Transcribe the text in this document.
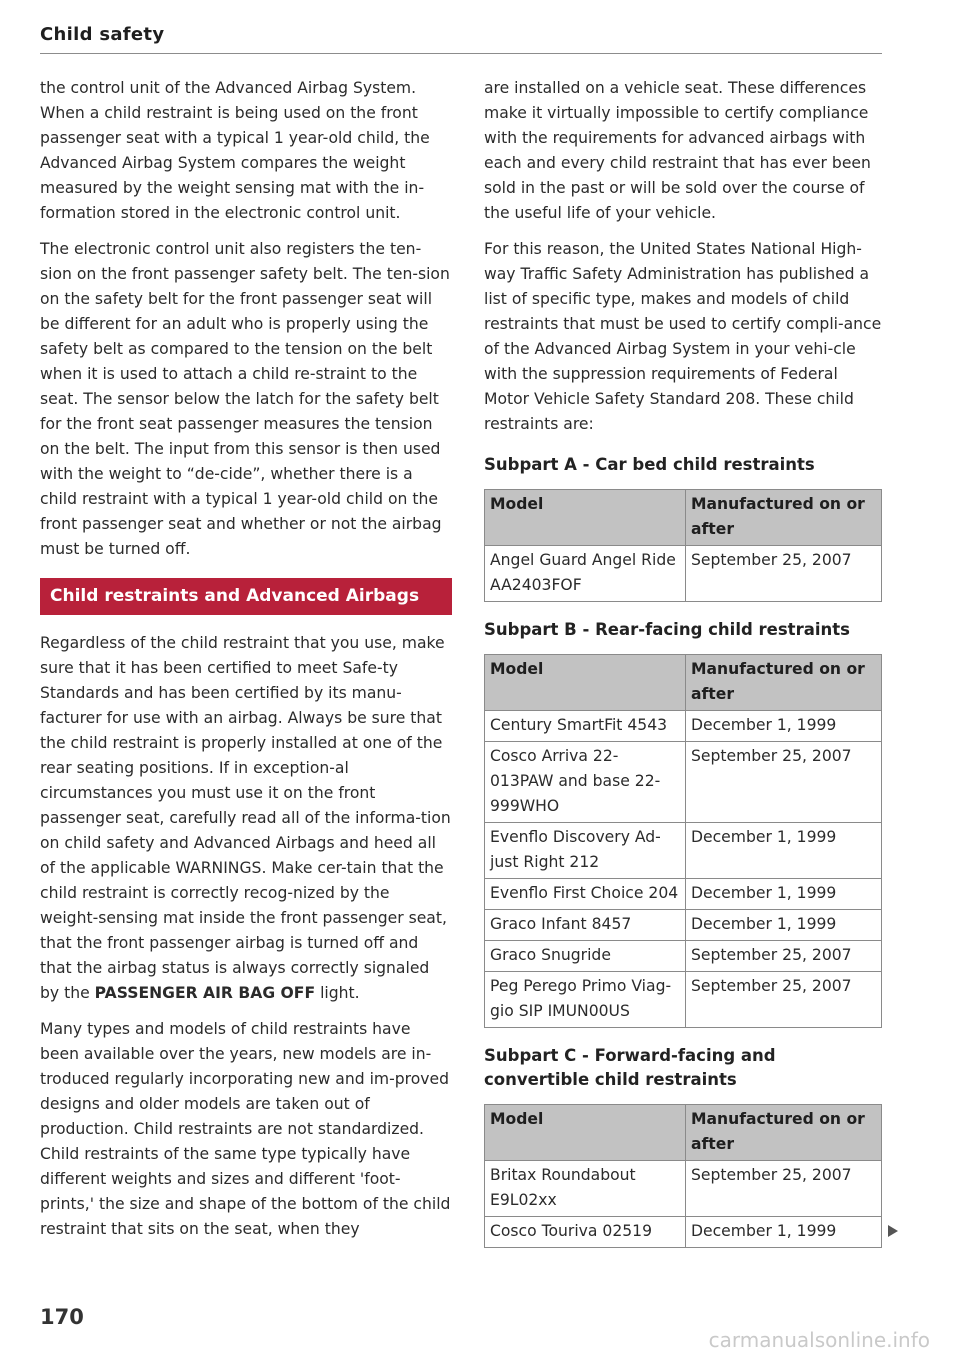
Child safety

the control unit of the Advanced Airbag System. When a child restraint is being used on the front passenger seat with a typical 1 year-old child, the Advanced Airbag System compares the weight measured by the weight sensing mat with the in-formation stored in the electronic control unit.

The electronic control unit also registers the ten-sion on the front passenger safety belt. The ten-sion on the safety belt for the front passenger seat will be different for an adult who is properly using the safety belt as compared to the tension on the belt when it is used to attach a child re-straint to the seat. The sensor below the latch for the safety belt for the front seat passenger measures the tension on the belt. The input from this sensor is then used with the weight to “de-cide”, whether there is a child restraint with a typical 1 year-old child on the front passenger seat and whether or not the airbag must be turned off.

Child restraints and Advanced Airbags

Regardless of the child restraint that you use, make sure that it has been certified to meet Safe-ty Standards and has been certified by its manu-facturer for use with an airbag. Always be sure that the child restraint is properly installed at one of the rear seating positions. If in exception-al circumstances you must use it on the front passenger seat, carefully read all of the informa-tion on child safety and Advanced Airbags and heed all of the applicable WARNINGS. Make cer-tain that the child restraint is correctly recog-nized by the weight-sensing mat inside the front passenger seat, that the front passenger airbag is turned off and that the airbag status is always correctly signaled by the PASSENGER AIR BAG OFF light.

Many types and models of child restraints have been available over the years, new models are in-troduced regularly incorporating new and im-proved designs and older models are taken out of production. Child restraints are not standardized. Child restraints of the same type typically have different weights and sizes and different 'foot-prints,' the size and shape of the bottom of the child restraint that sits on the seat, when they

are installed on a vehicle seat. These differences make it virtually impossible to certify compliance with the requirements for advanced airbags with each and every child restraint that has ever been sold in the past or will be sold over the course of the useful life of your vehicle.

For this reason, the United States National High-way Traffic Safety Administration has published a list of specific type, makes and models of child restraints that must be used to certify compli-ance of the Advanced Airbag System in your vehi-cle with the suppression requirements of Federal Motor Vehicle Safety Standard 208. These child restraints are:

Subpart A - Car bed child restraints
Model	Manufactured on or after
Angel Guard Angel Ride AA2403FOF	September 25, 2007
Subpart B - Rear-facing child restraints
Model	Manufactured on or after
Century SmartFit 4543	December 1, 1999
Cosco Arriva 22-013PAW and base 22-999WHO	September 25, 2007
Evenflo Discovery Ad-just Right 212	December 1, 1999
Evenflo First Choice 204	December 1, 1999
Graco Infant 8457	December 1, 1999
Graco Snugride	September 25, 2007
Peg Perego Primo Viag-gio SIP IMUN00US	September 25, 2007
Subpart C - Forward-facing and convertible child restraints
Model	Manufactured on or after
Britax Roundabout E9L02xx	September 25, 2007
Cosco Touriva 02519	December 1, 1999
170
carmanualsonline.info
